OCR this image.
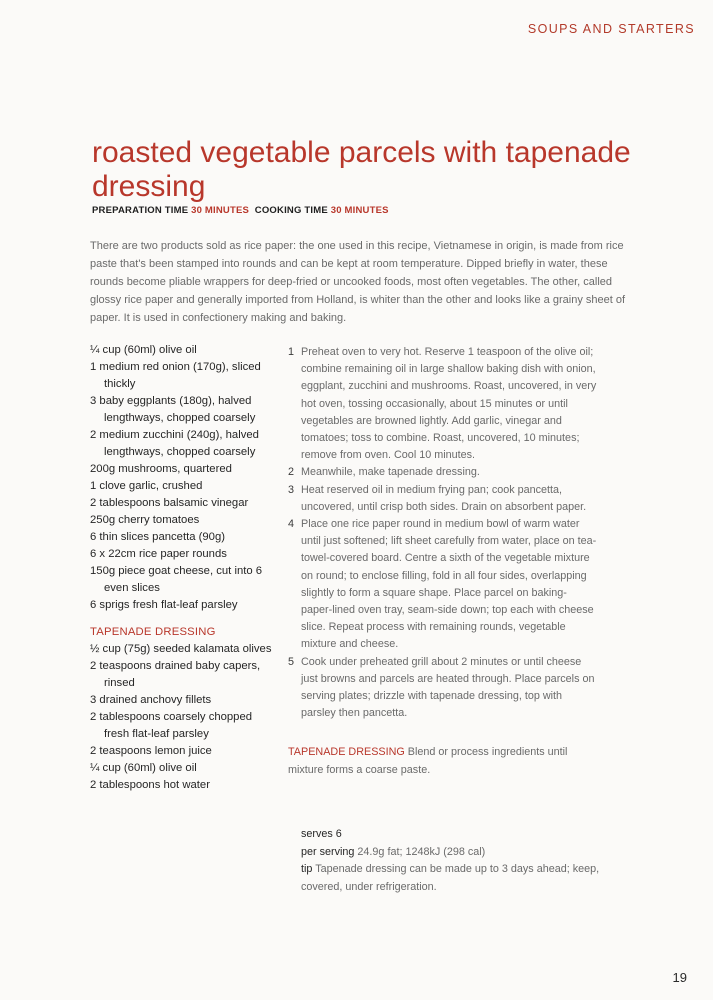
SOUPS AND STARTERS
roasted vegetable parcels with tapenade dressing
PREPARATION TIME 30 MINUTES COOKING TIME 30 MINUTES

There are two products sold as rice paper: the one used in this recipe, Vietnamese in origin, is made from rice paste that's been stamped into rounds and can be kept at room temperature. Dipped briefly in water, these rounds become pliable wrappers for deep-fried or uncooked foods, most often vegetables. The other, called glossy rice paper and generally imported from Holland, is whiter than the other and looks like a grainy sheet of paper. It is used in confectionery making and baking.

¼ cup (60ml) olive oil

1 medium red onion (170g), sliced thickly

3 baby eggplants (180g), halved lengthways, chopped coarsely

2 medium zucchini (240g), halved lengthways, chopped coarsely

200g mushrooms, quartered

1 clove garlic, crushed

2 tablespoons balsamic vinegar

250g cherry tomatoes

6 thin slices pancetta (90g)

6 x 22cm rice paper rounds

150g piece goat cheese, cut into 6 even slices

6 sprigs fresh flat-leaf parsley

TAPENADE DRESSING

½ cup (75g) seeded kalamata olives

2 teaspoons drained baby capers, rinsed

3 drained anchovy fillets

2 tablespoons coarsely chopped fresh flat-leaf parsley

2 teaspoons lemon juice

¼ cup (60ml) olive oil

2 tablespoons hot water

1 Preheat oven to very hot. Reserve 1 teaspoon of the olive oil; combine remaining oil in large shallow baking dish with onion, eggplant, zucchini and mushrooms. Roast, uncovered, in very hot oven, tossing occasionally, about 15 minutes or until vegetables are browned lightly. Add garlic, vinegar and tomatoes; toss to combine. Roast, uncovered, 10 minutes; remove from oven. Cool 10 minutes.
2 Meanwhile, make tapenade dressing.
3 Heat reserved oil in medium frying pan; cook pancetta, uncovered, until crisp both sides. Drain on absorbent paper.
4 Place one rice paper round in medium bowl of warm water until just softened; lift sheet carefully from water, place on tea-towel-covered board. Centre a sixth of the vegetable mixture on round; to enclose filling, fold in all four sides, overlapping slightly to form a square shape. Place parcel on baking-paper-lined oven tray, seam-side down; top each with cheese slice. Repeat process with remaining rounds, vegetable mixture and cheese.
5 Cook under preheated grill about 2 minutes or until cheese just browns and parcels are heated through. Place parcels on serving plates; drizzle with tapenade dressing, top with parsley then pancetta.

TAPENADE DRESSING Blend or process ingredients until mixture forms a coarse paste.

serves 6
per serving 24.9g fat; 1248kJ (298 cal)
tip Tapenade dressing can be made up to 3 days ahead; keep, covered, under refrigeration.
19
